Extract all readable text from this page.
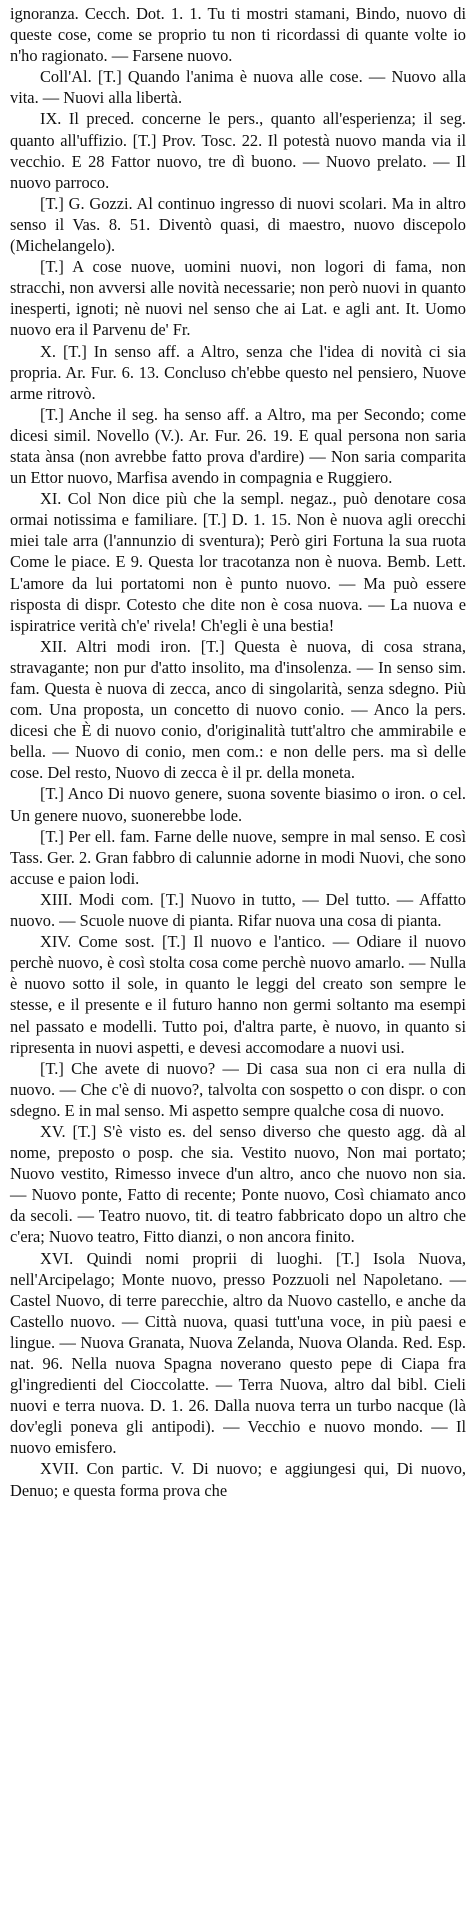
ignoranza. Cecch. Dot. 1. 1. Tu ti mostri stamani, Bindo, nuovo di queste cose, come se proprio tu non ti ricordassi di quante volte io n'ho ragionato. — Farsene nuovo.

Coll'Al. [T.] Quando l'anima è nuova alle cose. — Nuovo alla vita. — Nuovi alla libertà.

IX. Il preced. concerne le pers., quanto all'esperienza; il seg. quanto all'uffizio. [T.] Prov. Tosc. 22. Il potestà nuovo manda via il vecchio. E 28 Fattor nuovo, tre dì buono. — Nuovo prelato. — Il nuovo parroco.

[T.] G. Gozzi. Al continuo ingresso di nuovi scolari. Ma in altro senso il Vas. 8. 51. Diventò quasi, di maestro, nuovo discepolo (Michelangelo).

[T.] A cose nuove, uomini nuovi, non logori di fama, non stracchi, non avversi alle novità necessarie; non però nuovi in quanto inesperti, ignoti; nè nuovi nel senso che ai Lat. e agli ant. It. Uomo nuovo era il Parvenu de' Fr.

X. [T.] In senso aff. a Altro, senza che l'idea di novità ci sia propria. Ar. Fur. 6. 13. Concluso ch'ebbe questo nel pensiero, Nuove arme ritrovò.

[T.] Anche il seg. ha senso aff. a Altro, ma per Secondo; come dicesi simil. Novello (V.). Ar. Fur. 26. 19. E qual persona non saria stata ànsa (non avrebbe fatto prova d'ardire) — Non saria comparita un Ettor nuovo, Marfisa avendo in compagnia e Ruggiero.

XI. Col Non dice più che la sempl. negaz., può denotare cosa ormai notissima e familiare. [T.] D. 1. 15. Non è nuova agli orecchi miei tale arra (l'annunzio di sventura); Però giri Fortuna la sua ruota Come le piace. E 9. Questa lor tracotanza non è nuova. Bemb. Lett. L'amore da lui portatomi non è punto nuovo. — Ma può essere risposta di dispr. Cotesto che dite non è cosa nuova. — La nuova e ispiratrice verità ch'e' rivela! Ch'egli è una bestia!

XII. Altri modi iron. [T.] Questa è nuova, di cosa strana, stravagante; non pur d'atto insolito, ma d'insolenza. — In senso sim. fam. Questa è nuova di zecca, anco di singolarità, senza sdegno. Più com. Una proposta, un concetto di nuovo conio. — Anco la pers. dicesi che È di nuovo conio, d'originalità tutt'altro che ammirabile e bella. — Nuovo di conio, men com.: e non delle pers. ma sì delle cose. Del resto, Nuovo di zecca è il pr. della moneta.

[T.] Anco Di nuovo genere, suona sovente biasimo o iron. o cel. Un genere nuovo, suonerebbe lode.

[T.] Per ell. fam. Farne delle nuove, sempre in mal senso. E così Tass. Ger. 2. Gran fabbro di calunnie adorne in modi Nuovi, che sono accuse e paion lodi.

XIII. Modi com. [T.] Nuovo in tutto, — Del tutto. — Affatto nuovo. — Scuole nuove di pianta. Rifar nuova una cosa di pianta.

XIV. Come sost. [T.] Il nuovo e l'antico. — Odiare il nuovo perchè nuovo, è così stolta cosa come perchè nuovo amarlo. — Nulla è nuovo sotto il sole, in quanto le leggi del creato son sempre le stesse, e il presente e il futuro hanno non germi soltanto ma esempi nel passato e modelli. Tutto poi, d'altra parte, è nuovo, in quanto si ripresenta in nuovi aspetti, e devesi accomodare a nuovi usi.

[T.] Che avete di nuovo? — Di casa sua non ci era nulla di nuovo. — Che c'è di nuovo?, talvolta con sospetto o con dispr. o con sdegno. E in mal senso. Mi aspetto sempre qualche cosa di nuovo.

XV. [T.] S'è visto es. del senso diverso che questo agg. dà al nome, preposto o posp. che sia. Vestito nuovo, Non mai portato; Nuovo vestito, Rimesso invece d'un altro, anco che nuovo non sia. — Nuovo ponte, Fatto di recente; Ponte nuovo, Così chiamato anco da secoli. — Teatro nuovo, tit. di teatro fabbricato dopo un altro che c'era; Nuovo teatro, Fitto dianzi, o non ancora finito.

XVI. Quindi nomi proprii di luoghi. [T.] Isola Nuova, nell'Arcipelago; Monte nuovo, presso Pozzuoli nel Napoletano. — Castel Nuovo, di terre parecchie, altro da Nuovo castello, e anche da Castello nuovo. — Città nuova, quasi tutt'una voce, in più paesi e lingue. — Nuova Granata, Nuova Zelanda, Nuova Olanda. Red. Esp. nat. 96. Nella nuova Spagna noverano questo pepe di Ciapa fra gl'ingredienti del Cioccolatte. — Terra Nuova, altro dal bibl. Cieli nuovi e terra nuova. D. 1. 26. Dalla nuova terra un turbo nacque (là dov'egli poneva gli antipodi). — Vecchio e nuovo mondo. — Il nuovo emisfero.

XVII. Con partic. V. Di nuovo; e aggiungesi qui, Di nuovo, Denuo; e questa forma prova che
